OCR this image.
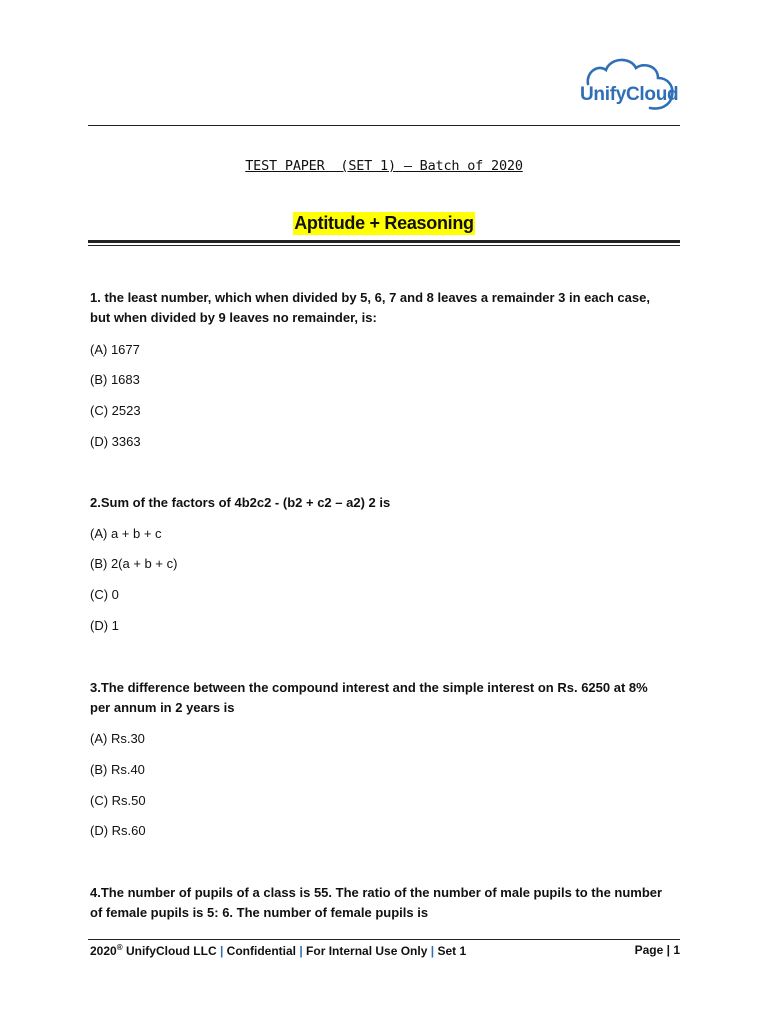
UnifyCloud
TEST PAPER (SET 1) – Batch of 2020
Aptitude + Reasoning
1. the least number, which when divided by 5, 6, 7 and 8 leaves a remainder 3 in each case,
but when divided by 9 leaves no remainder, is:
(A) 1677
(B) 1683
(C) 2523
(D) 3363
2.Sum of the factors of 4b2c2 - (b2 + c2 – a2) 2 is
(A) a + b + c
(B) 2(a + b + c)
(C) 0
(D) 1
3.The difference between the compound interest and the simple interest on Rs. 6250 at 8%
per annum in 2 years is
(A) Rs.30
(B) Rs.40
(C) Rs.50
(D) Rs.60
4.The number of pupils of a class is 55. The ratio of the number of male pupils to the number
of female pupils is 5: 6. The number of female pupils is
2020® UnifyCloud LLC | Confidential | For Internal Use Only | Set 1	Page | 1
